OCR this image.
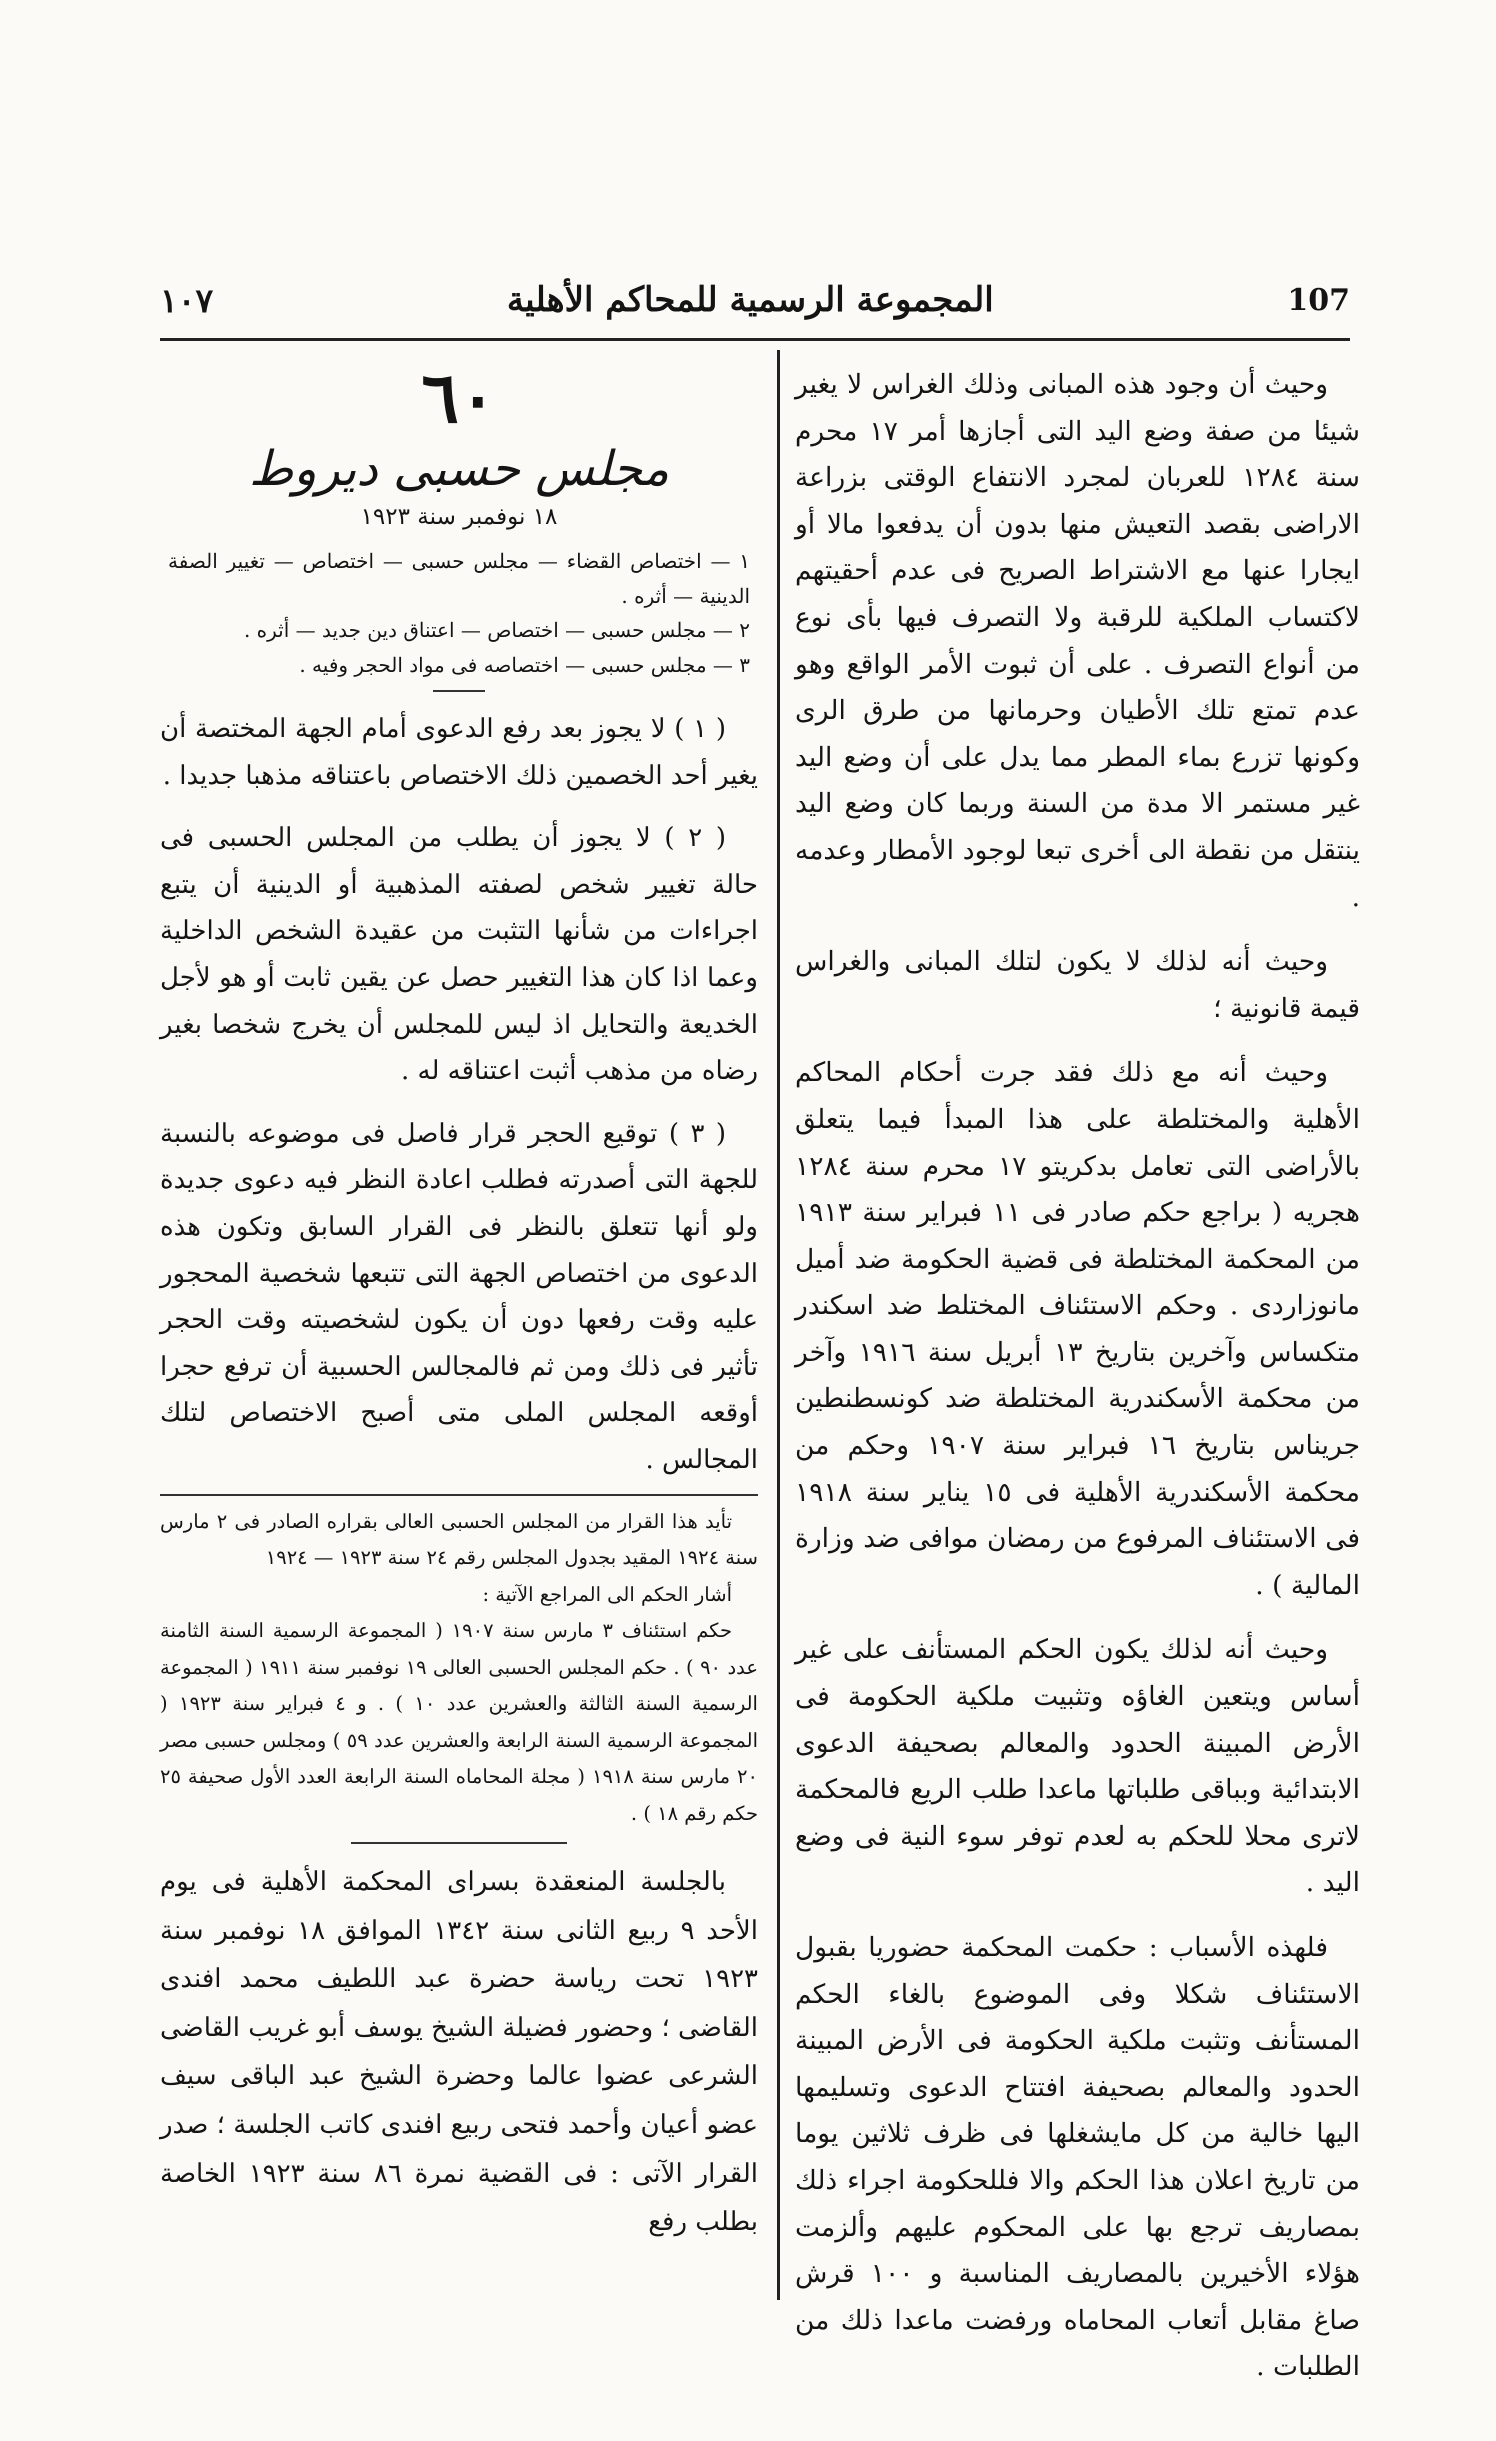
١٠٧	المجموعة الرسمية للمحاكم الأهلية	107

وحيث أن وجود هذه المبانى وذلك الغراس لا يغير شيئا من صفة وضع اليد التى أجازها أمر ١٧ محرم سنة ١٢٨٤ للعربان لمجرد الانتفاع الوقتى بزراعة الاراضى بقصد التعيش منها بدون أن يدفعوا مالا أو ايجارا عنها مع الاشتراط الصريح فى عدم أحقيتهم لاكتساب الملكية للرقبة ولا التصرف فيها بأى نوع من أنواع التصرف . على أن ثبوت الأمر الواقع وهو عدم تمتع تلك الأطيان وحرمانها من طرق الرى وكونها تزرع بماء المطر مما يدل على أن وضع اليد غير مستمر الا مدة من السنة وربما كان وضع اليد ينتقل من نقطة الى أخرى تبعا لوجود الأمطار وعدمه .

وحيث أنه لذلك لا يكون لتلك المبانى والغراس قيمة قانونية ؛

وحيث أنه مع ذلك فقد جرت أحكام المحاكم الأهلية والمختلطة على هذا المبدأ فيما يتعلق بالأراضى التى تعامل بدكريتو ١٧ محرم سنة ١٢٨٤ هجريه ( براجع حكم صادر فى ١١ فبراير سنة ١٩١٣ من المحكمة المختلطة فى قضية الحكومة ضد أميل مانوزاردى . وحكم الاستئناف المختلط ضد اسكندر متكساس وآخرين بتاريخ ١٣ أبريل سنة ١٩١٦ وآخر من محكمة الأسكندرية المختلطة ضد كونسطنطين جريناس بتاريخ ١٦ فبراير سنة ١٩٠٧ وحكم من محكمة الأسكندرية الأهلية فى ١٥ يناير سنة ١٩١٨ فى الاستئناف المرفوع من رمضان موافى ضد وزارة المالية ) .

وحيث أنه لذلك يكون الحكم المستأنف على غير أساس ويتعين الغاؤه وتثبيت ملكية الحكومة فى الأرض المبينة الحدود والمعالم بصحيفة الدعوى الابتدائية وبباقى طلباتها ماعدا طلب الريع فالمحكمة لاترى محلا للحكم به لعدم توفر سوء النية فى وضع اليد .

فلهذه الأسباب : حكمت المحكمة حضوريا بقبول الاستئناف شكلا وفى الموضوع بالغاء الحكم المستأنف وتثبت ملكية الحكومة فى الأرض المبينة الحدود والمعالم بصحيفة افتتاح الدعوى وتسليمها اليها خالية من كل مايشغلها فى ظرف ثلاثين يوما من تاريخ اعلان هذا الحكم والا فللحكومة اجراء ذلك بمصاريف ترجع بها على المحكوم عليهم وألزمت هؤلاء الأخيرين بالمصاريف المناسبة و ١٠٠ قرش صاغ مقابل أتعاب المحاماه ورفضت ماعدا ذلك من الطلبات .

٦٠
مجلس حسبى ديروط
١٨ نوفمبر سنة ١٩٢٣

١ — اختصاص القضاء — مجلس حسبى — اختصاص — تغيير الصفة الدينية — أثره .

٢ — مجلس حسبى — اختصاص — اعتناق دين جديد — أثره .

٣ — مجلس حسبى — اختصاصه فى مواد الحجر وفيه .

( ١ ) لا يجوز بعد رفع الدعوى أمام الجهة المختصة أن يغير أحد الخصمين ذلك الاختصاص باعتناقه مذهبا جديدا .

( ٢ ) لا يجوز أن يطلب من المجلس الحسبى فى حالة تغيير شخص لصفته المذهبية أو الدينية أن يتبع اجراءات من شأنها التثبت من عقيدة الشخص الداخلية وعما اذا كان هذا التغيير حصل عن يقين ثابت أو هو لأجل الخديعة والتحايل اذ ليس للمجلس أن يخرج شخصا بغير رضاه من مذهب أثبت اعتناقه له .

( ٣ ) توقيع الحجر قرار فاصل فى موضوعه بالنسبة للجهة التى أصدرته فطلب اعادة النظر فيه دعوى جديدة ولو أنها تتعلق بالنظر فى القرار السابق وتكون هذه الدعوى من اختصاص الجهة التى تتبعها شخصية المحجور عليه وقت رفعها دون أن يكون لشخصيته وقت الحجر تأثير فى ذلك ومن ثم فالمجالس الحسبية أن ترفع حجرا أوقعه المجلس الملى متى أصبح الاختصاص لتلك المجالس .

تأيد هذا القرار من المجلس الحسبى العالى بقراره الصادر فى ٢ مارس سنة ١٩٢٤ المقيد بجدول المجلس رقم ٢٤ سنة ١٩٢٣ — ١٩٢٤

أشار الحكم الى المراجع الآتية :

حكم استئناف ٣ مارس سنة ١٩٠٧ ( المجموعة الرسمية السنة الثامنة عدد ٩٠ ) . حكم المجلس الحسبى العالى ١٩ نوفمبر سنة ١٩١١ ( المجموعة الرسمية السنة الثالثة والعشرين عدد ١٠ ) . و ٤ فبراير سنة ١٩٢٣ ( المجموعة الرسمية السنة الرابعة والعشرين عدد ٥٩ ) ومجلس حسبى مصر ٢٠ مارس سنة ١٩١٨ ( مجلة المحاماه السنة الرابعة العدد الأول صحيفة ٢٥ حكم رقم ١٨ ) .

بالجلسة المنعقدة بسراى المحكمة الأهلية فى يوم الأحد ٩ ربيع الثانى سنة ١٣٤٢ الموافق ١٨ نوفمبر سنة ١٩٢٣ تحت رياسة حضرة عبد اللطيف محمد افندى القاضى ؛ وحضور فضيلة الشيخ يوسف أبو غريب القاضى الشرعى عضوا عالما وحضرة الشيخ عبد الباقى سيف عضو أعيان وأحمد فتحى ربيع افندى كاتب الجلسة ؛ صدر القرار الآتى : فى القضية نمرة ٨٦ سنة ١٩٢٣ الخاصة بطلب رفع
